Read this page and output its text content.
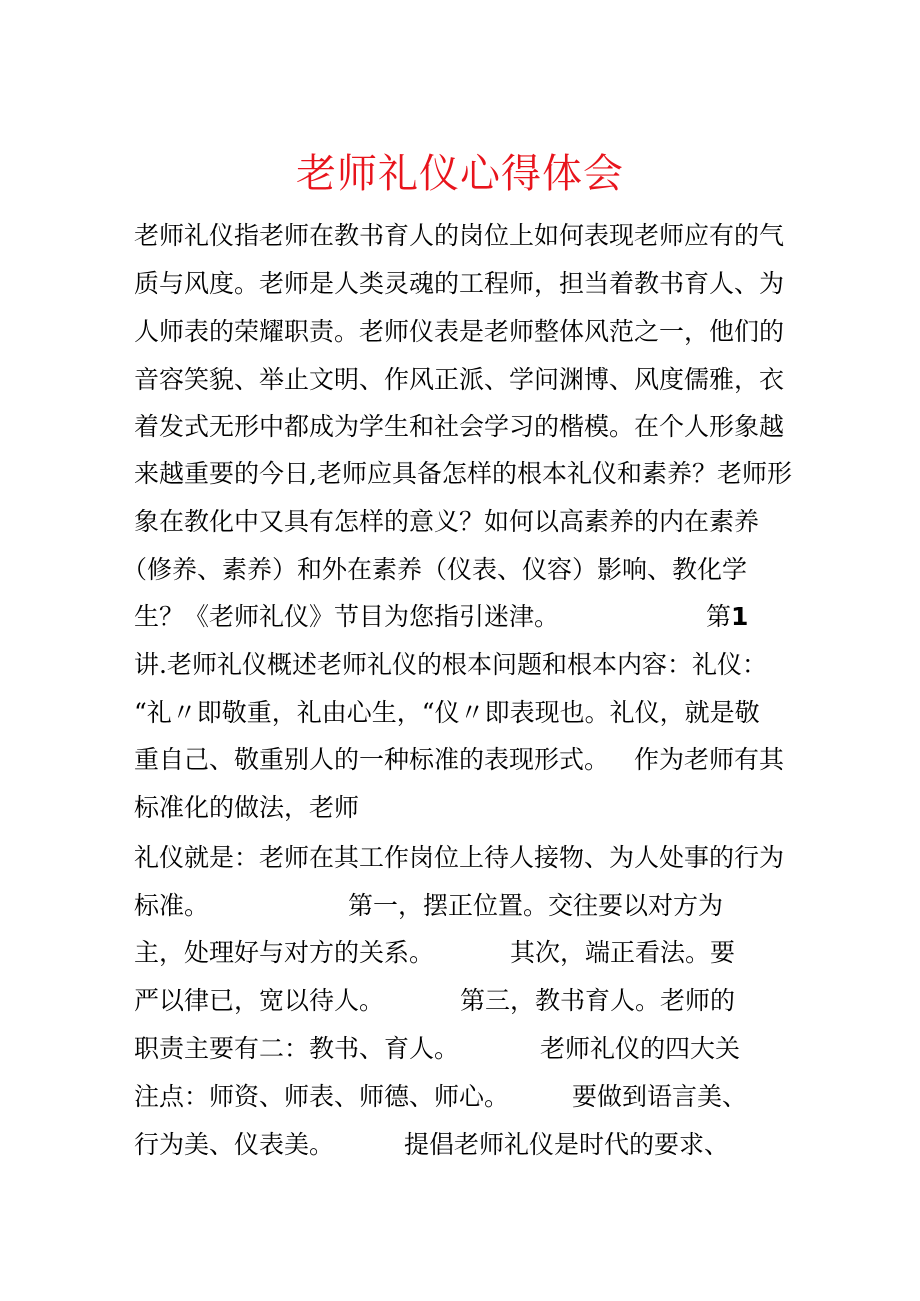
老师礼仪心得体会
老师礼仪指老师在教书育人的岗位上如何表现老师应有的气
质与风度。老师是人类灵魂的工程师，担当着教书育人、为
人师表的荣耀职责。老师仪表是老师整体风范之一，他们的
音容笑貌、举止文明、作风正派、学问渊博、风度儒雅，衣
着发式无形中都成为学生和社会学习的楷模。在个人形象越
来越重要的今日,老师应具备怎样的根本礼仪和素养？老师形
象在教化中又具有怎样的意义？如何以高素养的内在素养
（修养、素养）和外在素养（仪表、仪容）影响、教化学
生？《老师礼仪》节目为您指引迷津。	第1
讲.老师礼仪概述老师礼仪的根本问题和根本内容：礼仪：
“礼〃即敬重，礼由心生，“仪〃即表现也。礼仪，就是敬
重自己、敬重别人的一种标准的表现形式。 作为老师有其
标准化的做法，老师
礼仪就是：老师在其工作岗位上待人接物、为人处事的行为
标准。	第一，摆正位置。交往要以对方为
主，处理好与对方的关系。	其次，端正看法。要
严以律已，宽以待人。	第三，教书育人。老师的
职责主要有二：教书、育人。	老师礼仪的四大关
注点：师资、师表、师德、师心。	要做到语言美、
行为美、仪表美。	提倡老师礼仪是时代的要求、
